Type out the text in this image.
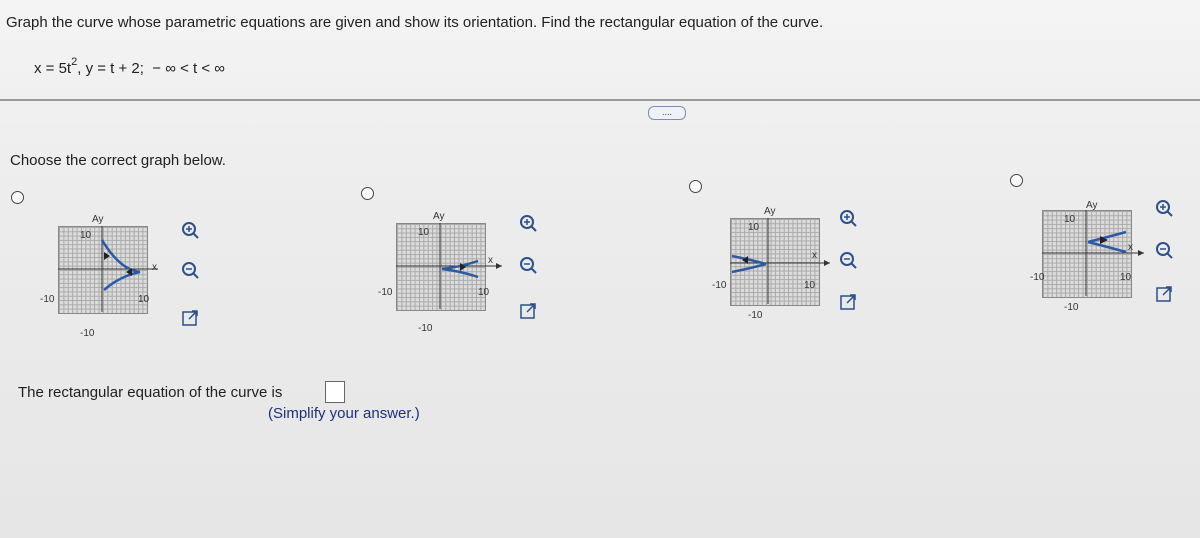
Graph the curve whose parametric equations are given and show its orientation. Find the rectangular equation of the curve.
$x = 5t^2$, y = t + 2; − ∞ < t < ∞
....
Choose the correct graph below.
Ay
x
10
-10
-10	10
Ay
x
10
-10
-10	10
Ay
x
10
-10
-10	10
Ay
x
10
-10
-10	10
The rectangular equation of the curve is
(Simplify your answer.)
